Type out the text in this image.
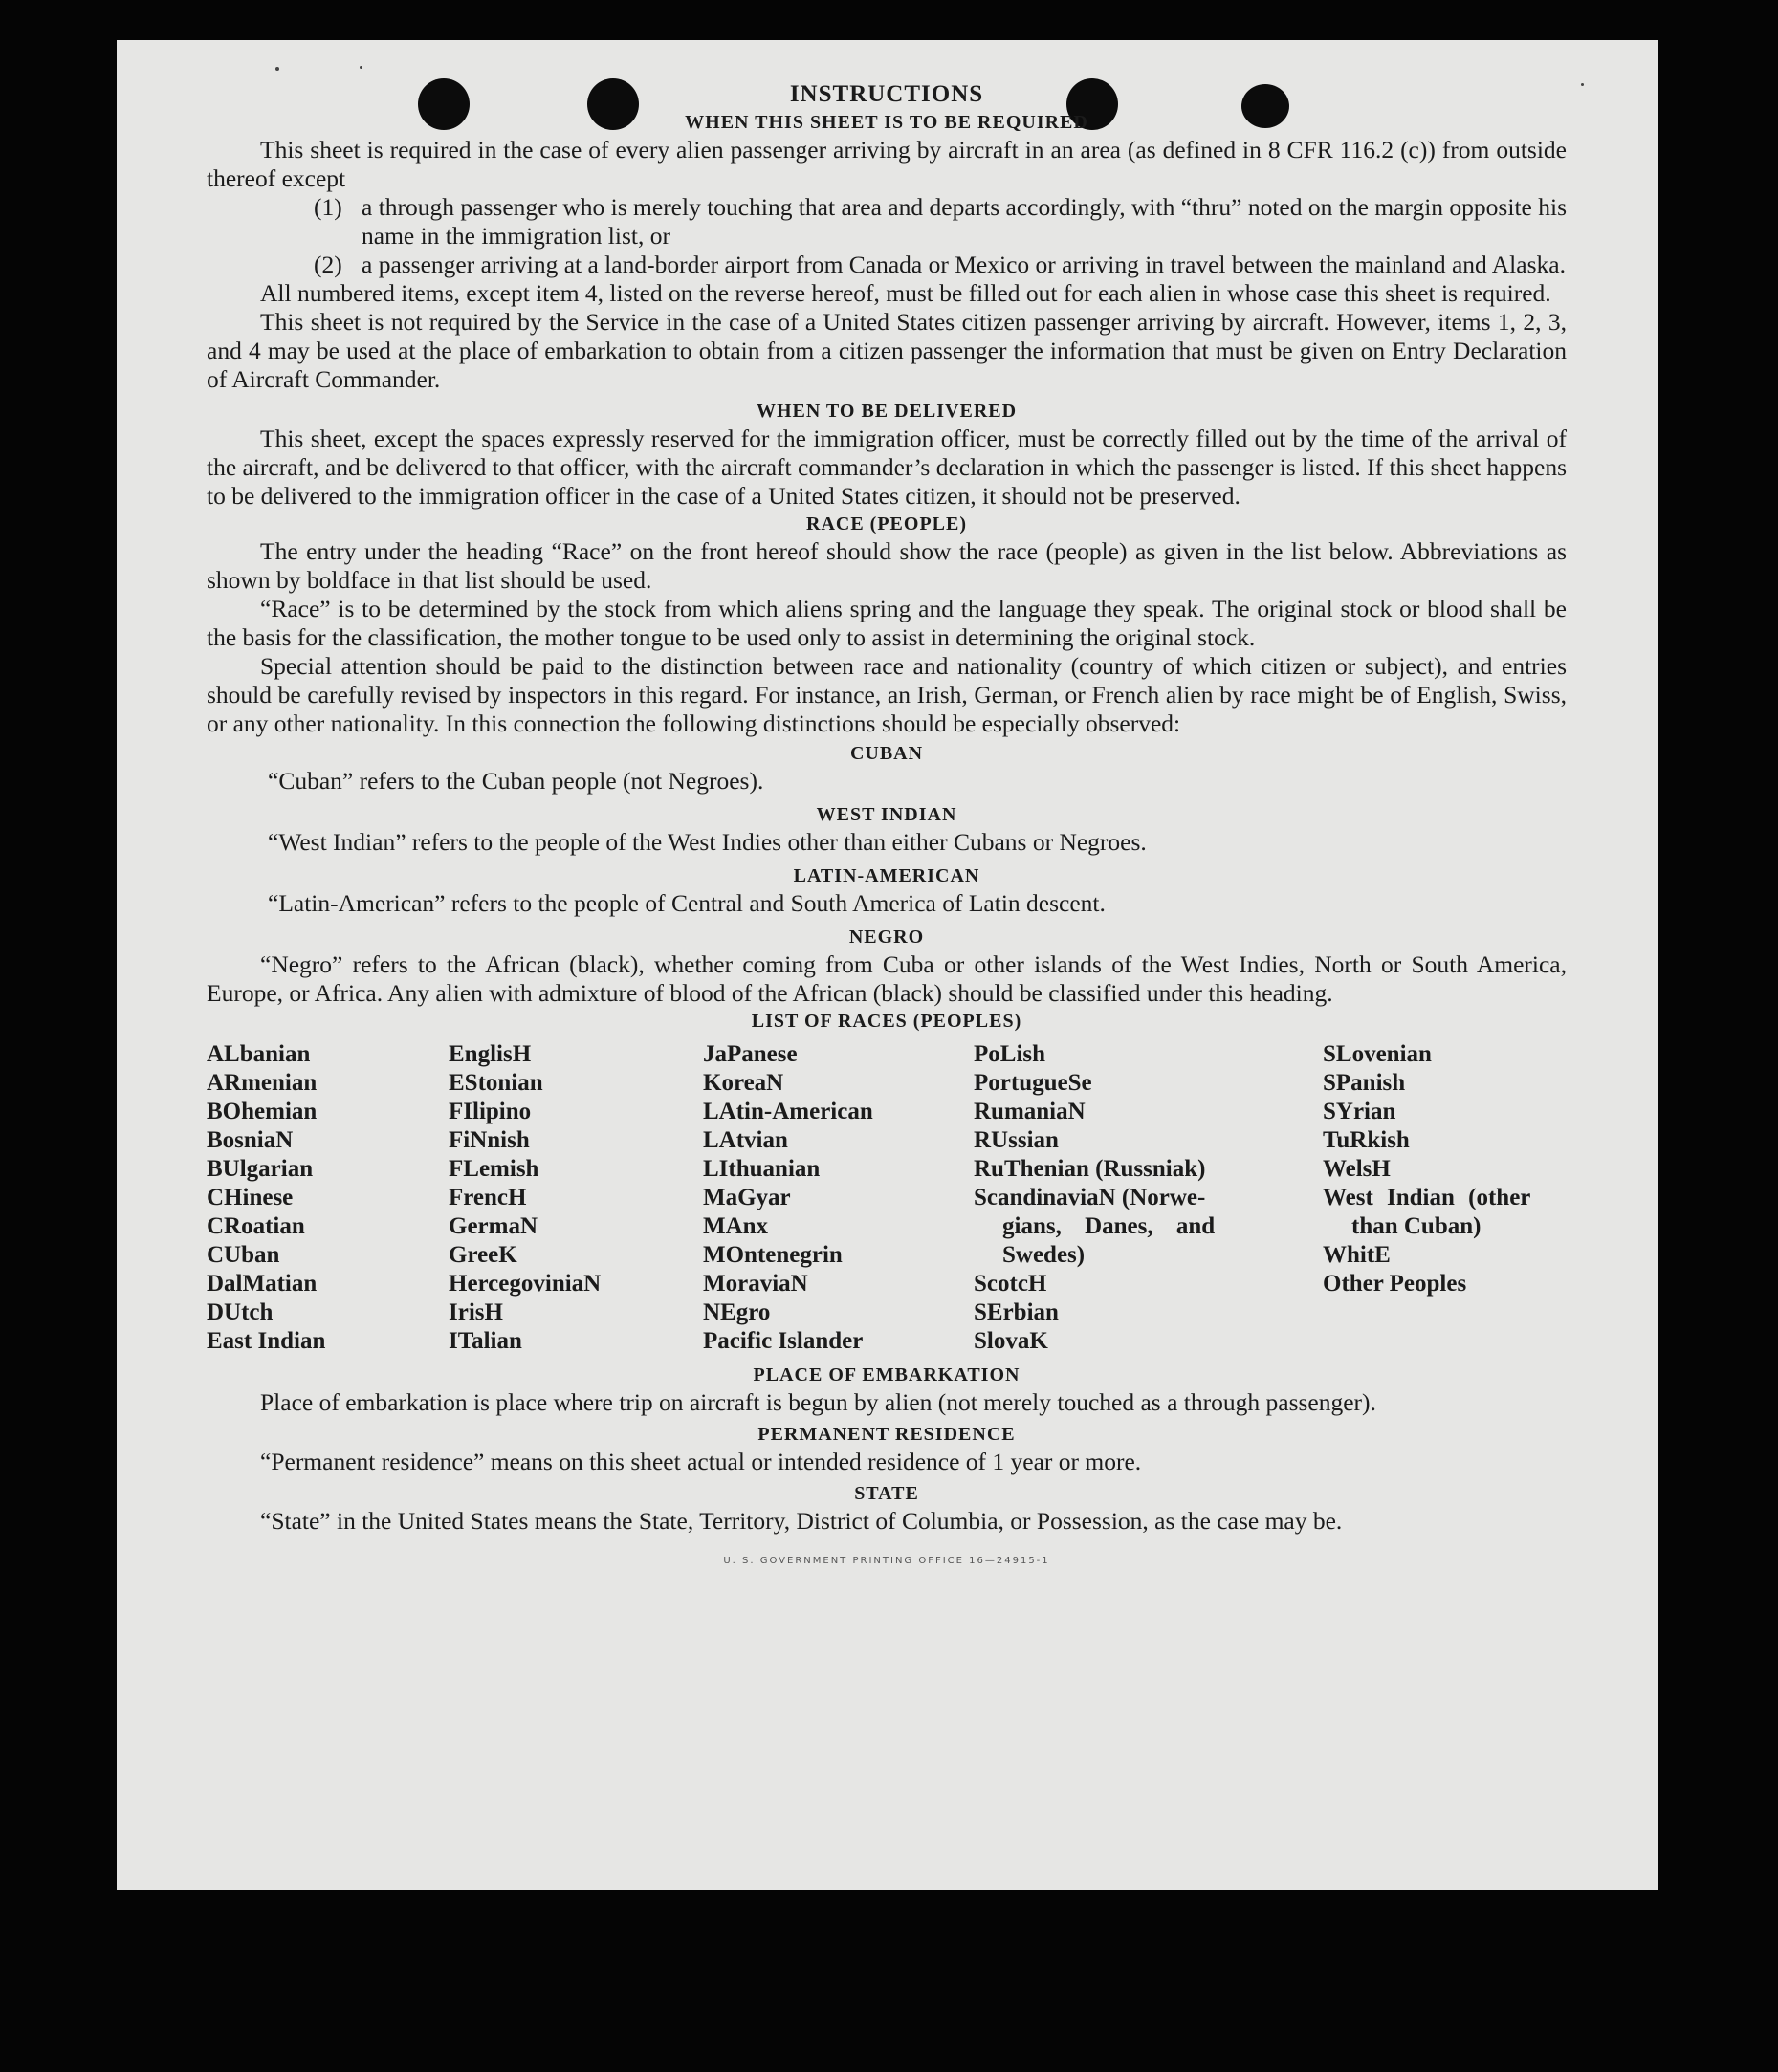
INSTRUCTIONS
WHEN THIS SHEET IS TO BE REQUIRED

This sheet is required in the case of every alien passenger arriving by aircraft in an area (as defined in 8 CFR 116.2 (c)) from outside thereof except

(1) a through passenger who is merely touching that area and departs accordingly, with “thru” noted on the margin opposite his name in the immigration list, or
(2) a passenger arriving at a land-border airport from Canada or Mexico or arriving in travel between the mainland and Alaska.

All numbered items, except item 4, listed on the reverse hereof, must be filled out for each alien in whose case this sheet is required.

This sheet is not required by the Service in the case of a United States citizen passenger arriving by aircraft. However, items 1, 2, 3, and 4 may be used at the place of embarkation to obtain from a citizen passenger the information that must be given on Entry Declaration of Aircraft Commander.

WHEN TO BE DELIVERED

This sheet, except the spaces expressly reserved for the immigration officer, must be correctly filled out by the time of the arrival of the aircraft, and be delivered to that officer, with the aircraft commander’s declaration in which the passenger is listed. If this sheet happens to be delivered to the immigration officer in the case of a United States citizen, it should not be preserved.

RACE (PEOPLE)

The entry under the heading “Race” on the front hereof should show the race (people) as given in the list below. Abbreviations as shown by boldface in that list should be used.

“Race” is to be determined by the stock from which aliens spring and the language they speak. The original stock or blood shall be the basis for the classification, the mother tongue to be used only to assist in determining the original stock.

Special attention should be paid to the distinction between race and nationality (country of which citizen or subject), and entries should be carefully revised by inspectors in this regard. For instance, an Irish, German, or French alien by race might be of English, Swiss, or any other nationality. In this connection the following distinctions should be especially observed:

CUBAN
“Cuban” refers to the Cuban people (not Negroes).
WEST INDIAN
“West Indian” refers to the people of the West Indies other than either Cubans or Negroes.
LATIN-AMERICAN
“Latin-American” refers to the people of Central and South America of Latin descent.
NEGRO

“Negro” refers to the African (black), whether coming from Cuba or other islands of the West Indies, North or South America, Europe, or Africa. Any alien with admixture of blood of the African (black) should be classified under this heading.

LIST OF RACES (PEOPLES)
ALbanian
ARmenian
BOhemian
BosniaN
BUlgarian
CHinese
CRoatian
CUban
DalMatian
DUtch
East Indian
EnglisH
EStonian
FIlipino
FiNnish
FLemish
FrencH
GermaN
GreeK
HercegoviniaN
IrisH
ITalian
JaPanese
KoreaN
LAtin-American
LAtvian
LIthuanian
MaGyar
MAnx
MOntenegrin
MoraviaN
NEgro
Pacific Islander
PoLish
PortugueSe
RumaniaN
RUssian
RuThenian (Russniak)
ScandinaviaN (Norwe-
gians, Danes, and
Swedes)
ScotcH
SErbian
SlovaK
SLovenian
SPanish
SYrian
TuRkish
WelsH
West Indian (other
than Cuban)
WhitE
Other Peoples
PLACE OF EMBARKATION

Place of embarkation is place where trip on aircraft is begun by alien (not merely touched as a through passenger).

PERMANENT RESIDENCE

“Permanent residence” means on this sheet actual or intended residence of 1 year or more.

STATE

“State” in the United States means the State, Territory, District of Columbia, or Possession, as the case may be.

U. S. GOVERNMENT PRINTING OFFICE 16—24915-1
